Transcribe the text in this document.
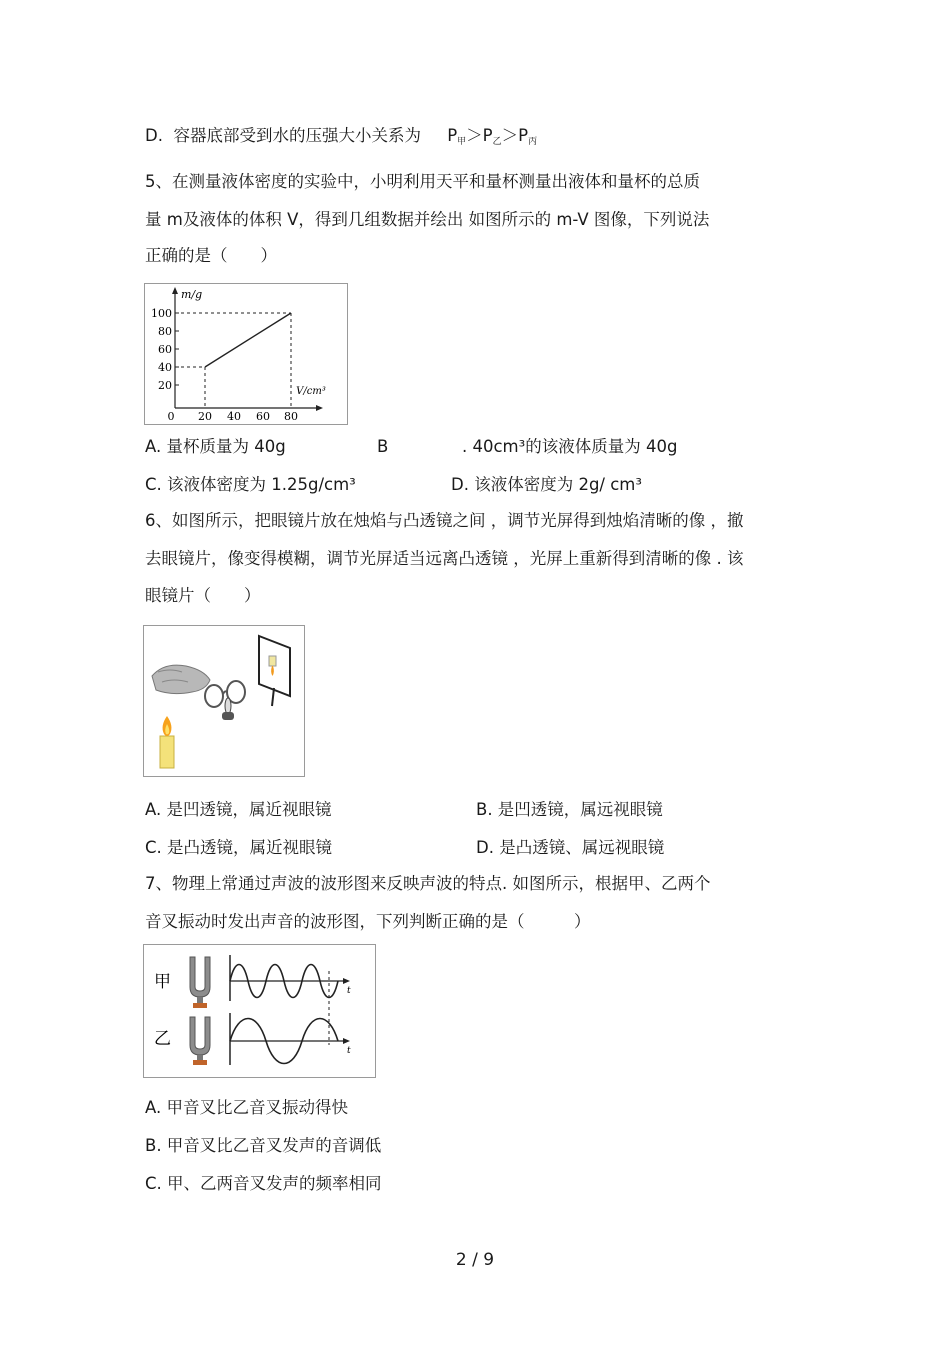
D. 容器底部受到水的压强大小关系为 $P_甲>P_乙>P_丙$
5、在测量液体密度的实验中，小明利用天平和量杯测量出液体和量杯的总质
量 m及液体的体积 V，得到几组数据并绘出 如图所示的 m-V 图像，下列说法
正确的是（　　）
m/g
V/cm³
100
80
60
40
20
0 20 40 60 80
A. 量杯质量为 40g	B	. 40cm³的该液体质量为 40g
C. 该液体密度为 1.25g/cm³	D. 该液体密度为 2g/ cm³
6、如图所示，把眼镜片放在烛焰与凸透镜之间 ，调节光屏得到烛焰清晰的像 ，撤
去眼镜片，像变得模糊，调节光屏适当远离凸透镜 ，光屏上重新得到清晰的像 . 该
眼镜片（　　）
A. 是凹透镜，属近视眼镜	B. 是凹透镜，属远视眼镜
C. 是凸透镜，属近视眼镜	D. 是凸透镜、属远视眼镜
7、物理上常通过声波的波形图来反映声波的特点. 如图所示，根据甲、乙两个
音叉振动时发出声音的波形图，下列判断正确的是（　　　）
甲
乙
t
t
A. 甲音叉比乙音叉振动得快
B. 甲音叉比乙音叉发声的音调低
C. 甲、乙两音叉发声的频率相同
2 / 9
